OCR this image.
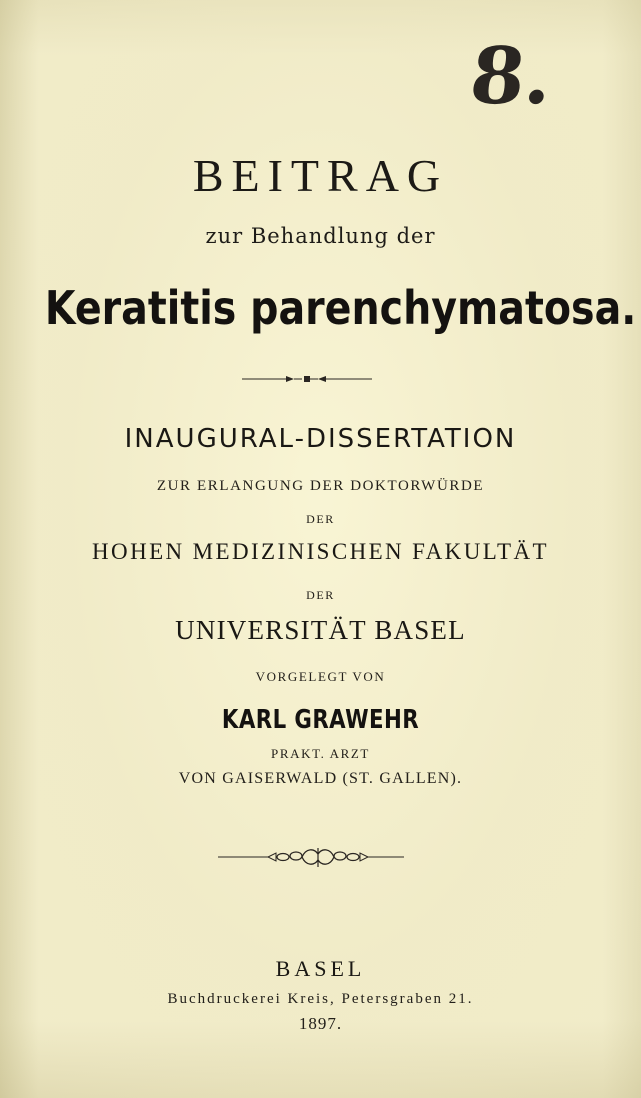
8.
BEITRAG
zur Behandlung der
Keratitis parenchymatosa.
INAUGURAL-DISSERTATION
ZUR ERLANGUNG DER DOKTORWÜRDE
DER
HOHEN MEDIZINISCHEN FAKULTÄT
DER
UNIVERSITÄT BASEL
VORGELEGT VON
KARL GRAWEHR
PRAKT. ARZT
VON GAISERWALD (ST. GALLEN).
BASEL
Buchdruckerei Kreis, Petersgraben 21.
1897.
